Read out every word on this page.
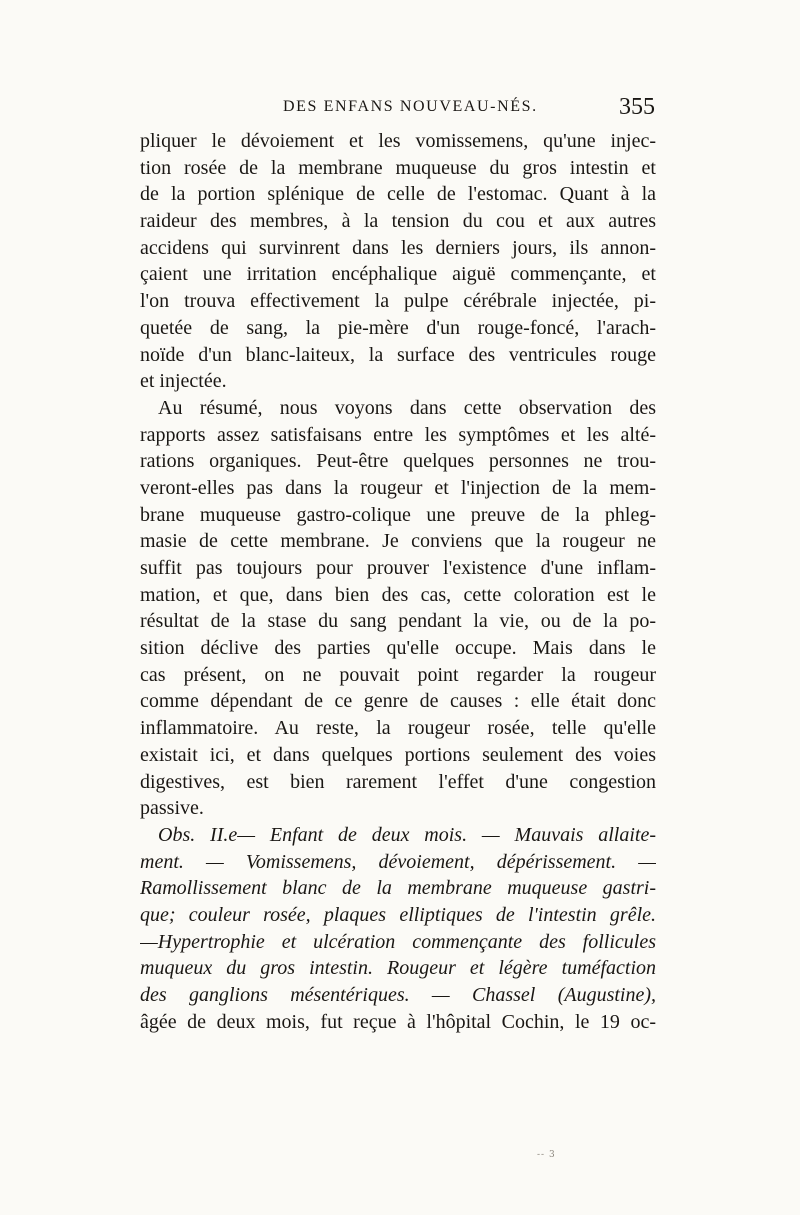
DES ENFANS NOUVEAU-NÉS.	355
pliquer le dévoiement et les vomissemens, qu'une injec-
tion rosée de la membrane muqueuse du gros intestin et
de la portion splénique de celle de l'estomac. Quant à la
raideur des membres, à la tension du cou et aux autres
accidens qui survinrent dans les derniers jours, ils annon-
çaient une irritation encéphalique aiguë commençante, et
l'on trouva effectivement la pulpe cérébrale injectée, pi-
quetée de sang, la pie-mère d'un rouge-foncé, l'arach-
noïde d'un blanc-laiteux, la surface des ventricules rouge
et injectée.
Au résumé, nous voyons dans cette observation des
rapports assez satisfaisans entre les symptômes et les alté-
rations organiques. Peut-être quelques personnes ne trou-
veront-elles pas dans la rougeur et l'injection de la mem-
brane muqueuse gastro-colique une preuve de la phleg-
masie de cette membrane. Je conviens que la rougeur ne
suffit pas toujours pour prouver l'existence d'une inflam-
mation, et que, dans bien des cas, cette coloration est le
résultat de la stase du sang pendant la vie, ou de la po-
sition déclive des parties qu'elle occupe. Mais dans le
cas présent, on ne pouvait point regarder la rougeur
comme dépendant de ce genre de causes : elle était donc
inflammatoire. Au reste, la rougeur rosée, telle qu'elle
existait ici, et dans quelques portions seulement des voies
digestives, est bien rarement l'effet d'une congestion
passive.
Obs. II.e— Enfant de deux mois. — Mauvais allaite-
ment. — Vomissemens, dévoiement, dépérissement. —
Ramollissement blanc de la membrane muqueuse gastri-
que; couleur rosée, plaques elliptiques de l'intestin grêle.
—Hypertrophie et ulcération commençante des follicules
muqueux du gros intestin. Rougeur et légère tuméfaction
des ganglions mésentériques. — Chassel (Augustine),
âgée de deux mois, fut reçue à l'hôpital Cochin, le 19 oc-
-- 3
